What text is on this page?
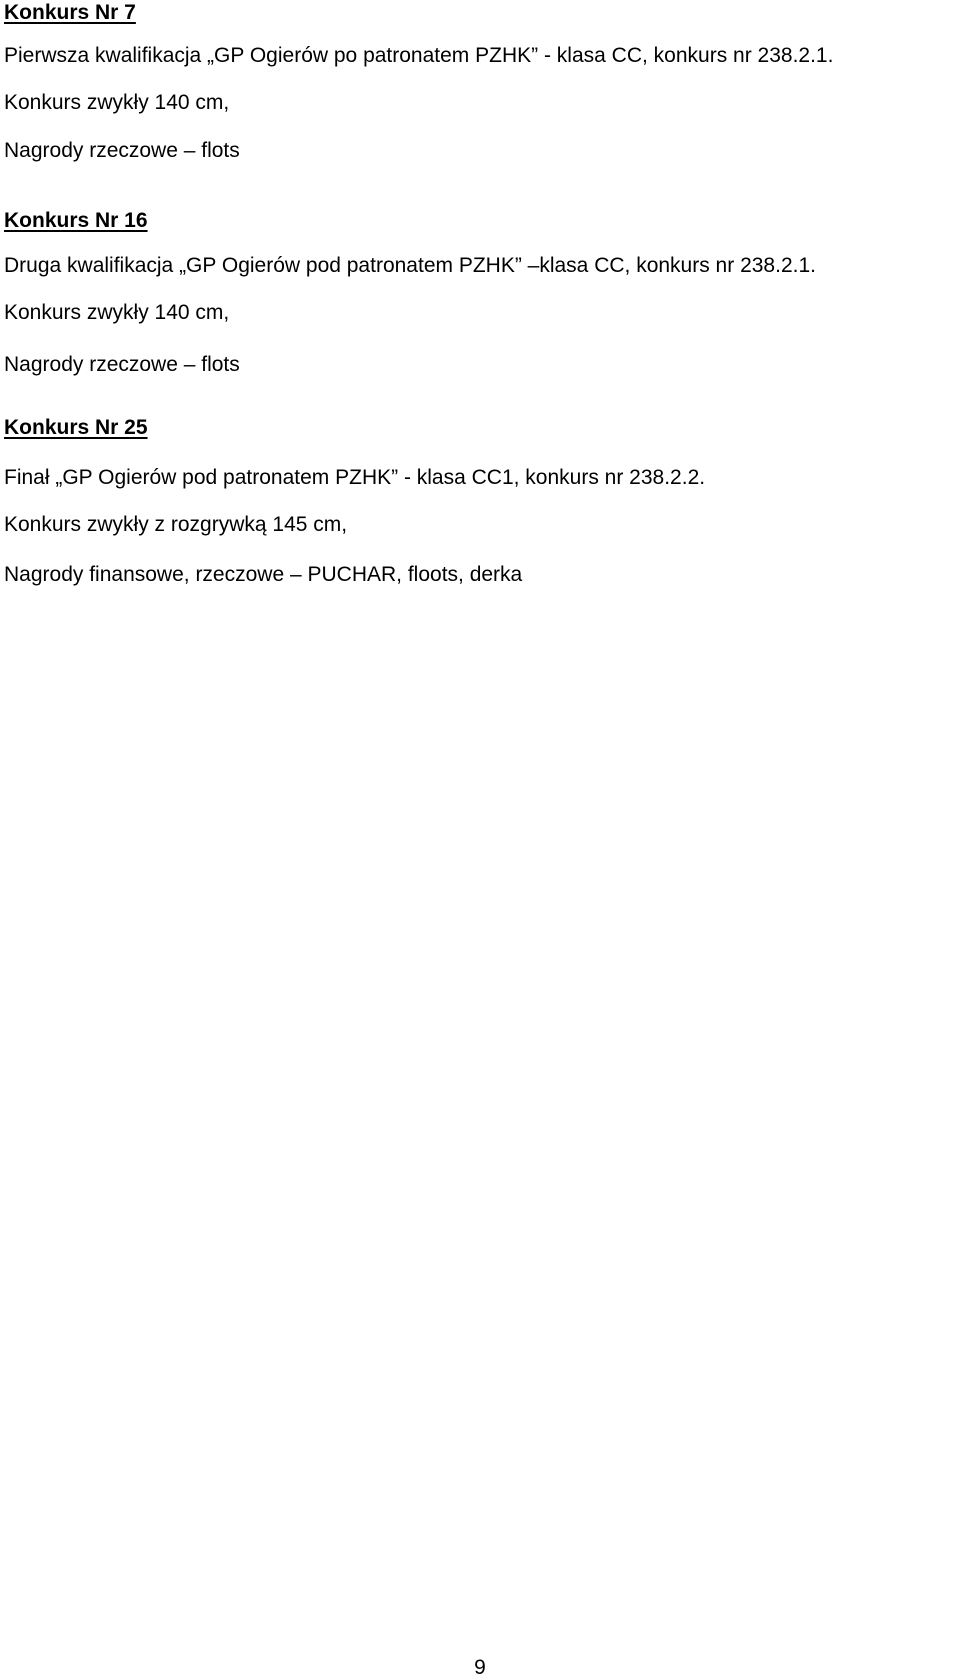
Konkurs Nr 7
Pierwsza kwalifikacja „GP Ogierów po patronatem PZHK” - klasa CC, konkurs nr 238.2.1.
Konkurs zwykły 140 cm,
Nagrody rzeczowe – flots
Konkurs Nr 16
Druga kwalifikacja „GP Ogierów pod patronatem PZHK” –klasa CC, konkurs nr 238.2.1.
Konkurs zwykły 140 cm,
Nagrody rzeczowe – flots
Konkurs Nr 25
Finał „GP Ogierów pod patronatem PZHK” - klasa CC1, konkurs nr 238.2.2.
Konkurs zwykły z rozgrywką 145 cm,
Nagrody finansowe, rzeczowe – PUCHAR, floots, derka
9
